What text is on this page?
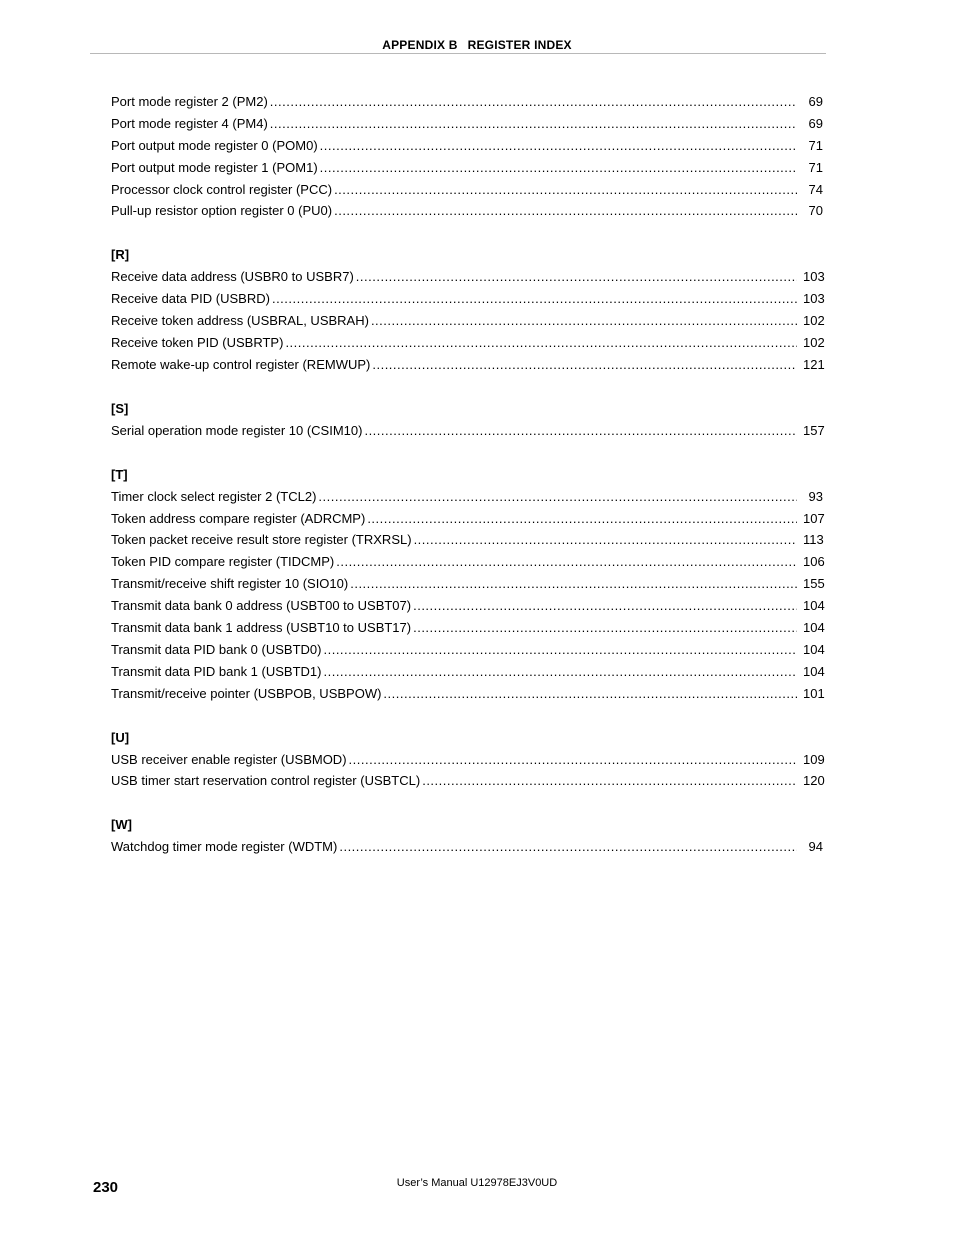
APPENDIX B REGISTER INDEX
Port mode register 2 (PM2) .....	69
Port mode register 4 (PM4) .....	69
Port output mode register 0 (POM0) .....	71
Port output mode register 1 (POM1) .....	71
Processor clock control register (PCC) .....	74
Pull-up resistor option register 0 (PU0) .....	70
[R]
Receive data address (USBR0 to USBR7) .....	103
Receive data PID (USBRD) .....	103
Receive token address (USBRAL, USBRAH) .....	102
Receive token PID (USBRTP) .....	102
Remote wake-up control register (REMWUP) .....	121
[S]
Serial operation mode register 10 (CSIM10) .....	157
[T]
Timer clock select register 2 (TCL2) .....	93
Token address compare register (ADRCMP) .....	107
Token packet receive result store register (TRXRSL) .....	113
Token PID compare register (TIDCMP) .....	106
Transmit/receive shift register 10 (SIO10) .....	155
Transmit data bank 0 address (USBT00 to USBT07) .....	104
Transmit data bank 1 address (USBT10 to USBT17) .....	104
Transmit data PID bank 0 (USBTD0) .....	104
Transmit data PID bank 1 (USBTD1) .....	104
Transmit/receive pointer (USBPOB, USBPOW) .....	101
[U]
USB receiver enable register (USBMOD) .....	109
USB timer start reservation control register (USBTCL) .....	120
[W]
Watchdog timer mode register (WDTM) .....	94
230	User’s Manual U12978EJ3V0UD
